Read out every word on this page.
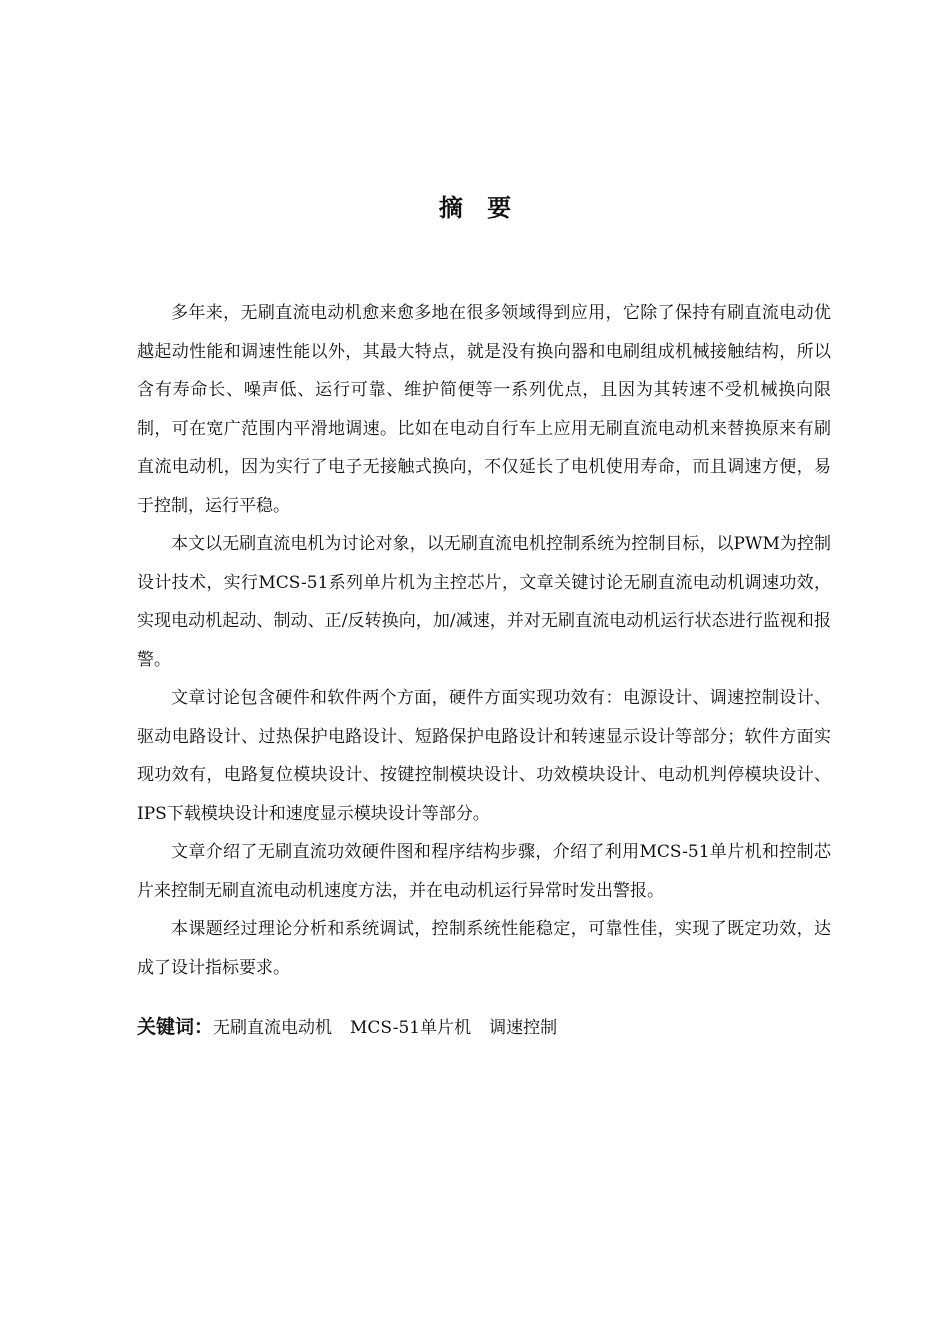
摘 要

多年来，无刷直流电动机愈来愈多地在很多领域得到应用，它除了保持有刷直流电动优越起动性能和调速性能以外，其最大特点，就是没有换向器和电刷组成机械接触结构，所以含有寿命长、噪声低、运行可靠、维护简便等一系列优点，且因为其转速不受机械换向限制，可在宽广范围内平滑地调速。比如在电动自行车上应用无刷直流电动机来替换原来有刷直流电动机，因为实行了电子无接触式换向，不仅延长了电机使用寿命，而且调速方便，易于控制，运行平稳。

本文以无刷直流电机为讨论对象，以无刷直流电机控制系统为控制目标，以PWM为控制设计技术，实行MCS-51系列单片机为主控芯片，文章关键讨论无刷直流电动机调速功效，实现电动机起动、制动、正/反转换向，加/减速，并对无刷直流电动机运行状态进行监视和报警。

文章讨论包含硬件和软件两个方面，硬件方面实现功效有：电源设计、调速控制设计、驱动电路设计、过热保护电路设计、短路保护电路设计和转速显示设计等部分；软件方面实现功效有，电路复位模块设计、按键控制模块设计、功效模块设计、电动机判停模块设计、IPS下载模块设计和速度显示模块设计等部分。

文章介绍了无刷直流功效硬件图和程序结构步骤，介绍了利用MCS-51单片机和控制芯片来控制无刷直流电动机速度方法，并在电动机运行异常时发出警报。

本课题经过理论分析和系统调试，控制系统性能稳定，可靠性佳，实现了既定功效，达成了设计指标要求。

关键词：无刷直流电动机 MCS-51单片机 调速控制
